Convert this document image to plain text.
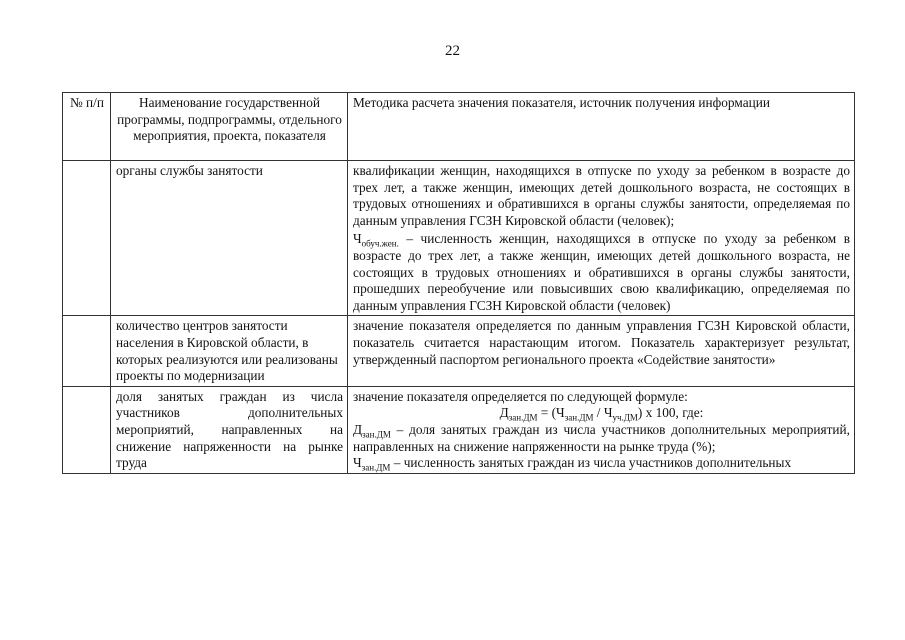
22
№ п/п	Наименование государственной программы, подпрограммы, отдельного мероприятия, проекта, показателя	Методика расчета значения показателя, источник получения информации
	органы службы занятости	квалификации женщин, находящихся в отпуске по уходу за ребенком в возрасте до трех лет, а также женщин, имеющих детей дошкольного возраста, не состоящих в трудовых отношениях и обратившихся в органы службы занятости, определяемая по данным управления ГСЗН Кировской области (человек);

$Ч_{обуч.жен.}$ – численность женщин, находящихся в отпуске по уходу за ребенком в возрасте до трех лет, а также женщин, имеющих детей дошкольного возраста, не состоящих в трудовых отношениях и обратившихся в органы службы занятости, прошедших переобучение или повысивших свою квалификацию, определяемая по данным управления ГСЗН Кировской области (человек)

	количество центров занятости населения в Кировской области, в которых реализуются или реализованы проекты по модернизации	значение показателя определяется по данным управления ГСЗН Кировской области, показатель считается нарастающим итогом. Показатель характеризует результат, утвержденный паспортом регионального проекта «Содействие занятости»

	доля занятых граждан из числа участников дополнительных мероприятий, направленных на снижение напряженности на рынке труда	значение показателя определяется по следующей формуле:

$Д_{зан.ДМ} = (Ч_{зан.ДМ} / Ч_{уч.ДМ})$ х 100, где:

$Д_{зан.ДМ}$ – доля занятых граждан из числа участников дополнительных мероприятий, направленных на снижение напряженности на рынке труда (%);

$Ч_{зан.ДМ}$ – численность занятых граждан из числа участников дополнительных
